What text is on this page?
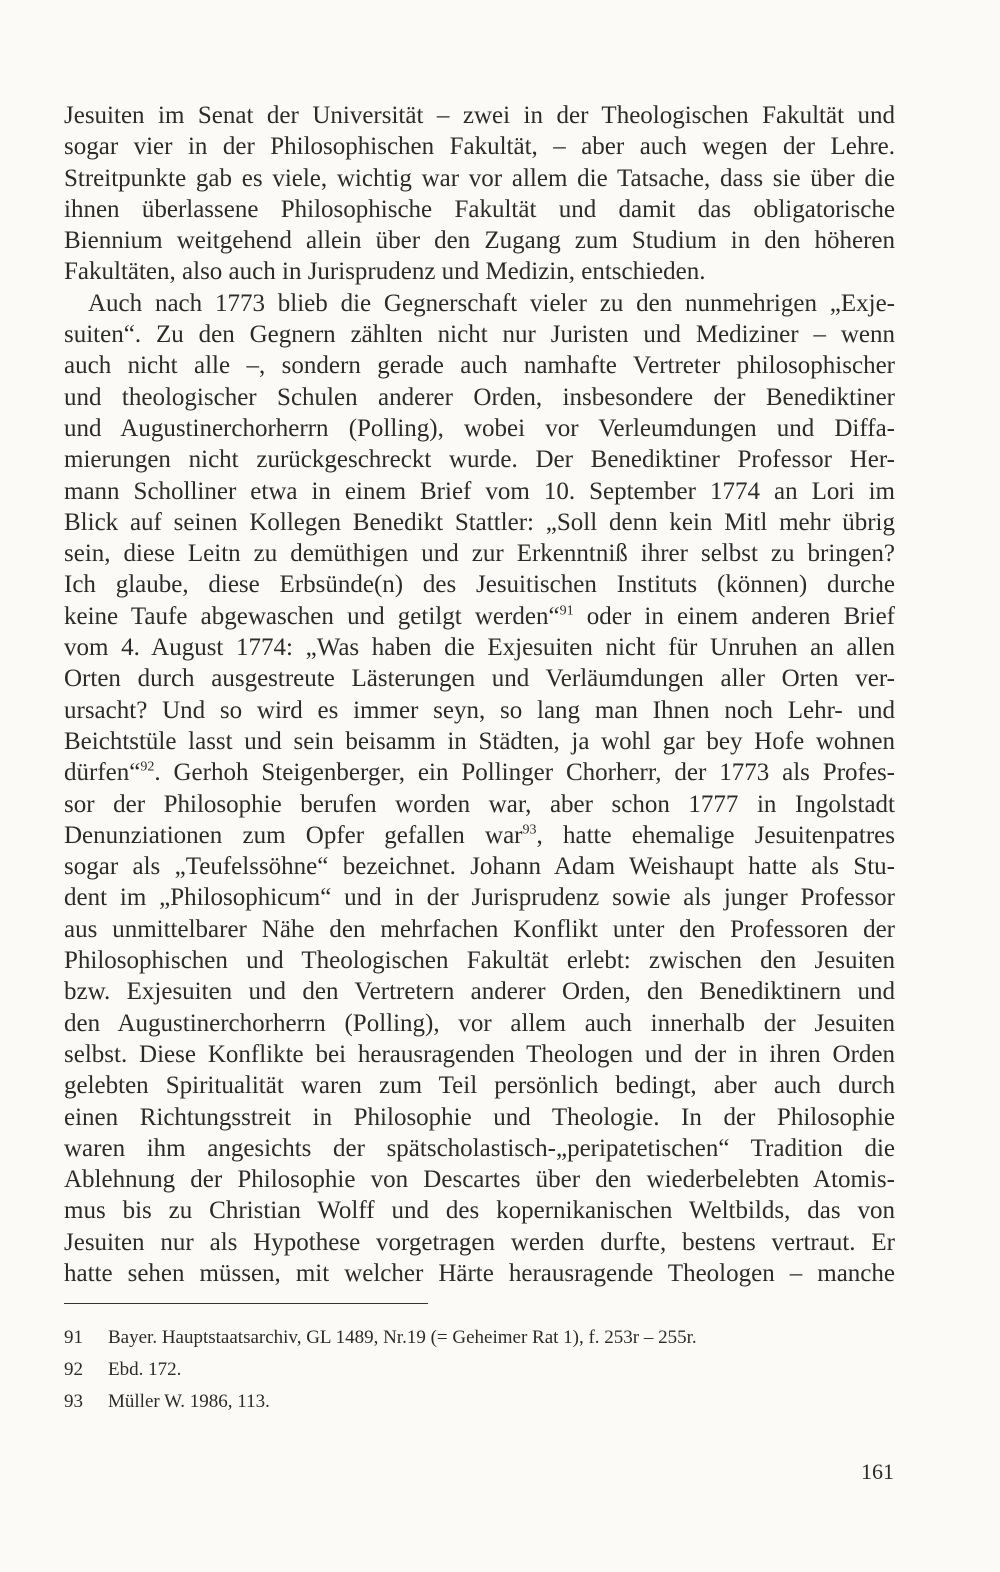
Jesuiten im Senat der Universität – zwei in der Theologischen Fakultät und
sogar vier in der Philosophischen Fakultät, – aber auch wegen der Lehre.
Streitpunkte gab es viele, wichtig war vor allem die Tatsache, dass sie über die
ihnen überlassene Philosophische Fakultät und damit das obligatorische
Biennium weitgehend allein über den Zugang zum Studium in den höheren
Fakultäten, also auch in Jurisprudenz und Medizin, entschieden.
Auch nach 1773 blieb die Gegnerschaft vieler zu den nunmehrigen „Exje-
suiten“. Zu den Gegnern zählten nicht nur Juristen und Mediziner – wenn
auch nicht alle –, sondern gerade auch namhafte Vertreter philosophischer
und theologischer Schulen anderer Orden, insbesondere der Benediktiner
und Augustinerchorherrn (Polling), wobei vor Verleumdungen und Diffa-
mierungen nicht zurückgeschreckt wurde. Der Benediktiner Professor Her-
mann Scholliner etwa in einem Brief vom 10. September 1774 an Lori im
Blick auf seinen Kollegen Benedikt Stattler: „Soll denn kein Mitl mehr übrig
sein, diese Leitn zu demüthigen und zur Erkenntniß ihrer selbst zu bringen?
Ich glaube, diese Erbsünde(n) des Jesuitischen Instituts (können) durche
keine Taufe abgewaschen und getilgt werden“$^{91}$ oder in einem anderen Brief
vom 4. August 1774: „Was haben die Exjesuiten nicht für Unruhen an allen
Orten durch ausgestreute Lästerungen und Verläumdungen aller Orten ver-
ursacht? Und so wird es immer seyn, so lang man Ihnen noch Lehr- und
Beichtstüle lasst und sein beisamm in Städten, ja wohl gar bey Hofe wohnen
dürfen“$^{92}$. Gerhoh Steigenberger, ein Pollinger Chorherr, der 1773 als Profes-
sor der Philosophie berufen worden war, aber schon 1777 in Ingolstadt
Denunziationen zum Opfer gefallen war$^{93}$, hatte ehemalige Jesuitenpatres
sogar als „Teufelssöhne“ bezeichnet. Johann Adam Weishaupt hatte als Stu-
dent im „Philosophicum“ und in der Jurisprudenz sowie als junger Professor
aus unmittelbarer Nähe den mehrfachen Konflikt unter den Professoren der
Philosophischen und Theologischen Fakultät erlebt: zwischen den Jesuiten
bzw. Exjesuiten und den Vertretern anderer Orden, den Benediktinern und
den Augustinerchorherrn (Polling), vor allem auch innerhalb der Jesuiten
selbst. Diese Konflikte bei herausragenden Theologen und der in ihren Orden
gelebten Spiritualität waren zum Teil persönlich bedingt, aber auch durch
einen Richtungsstreit in Philosophie und Theologie. In der Philosophie
waren ihm angesichts der spätscholastisch-„peripatetischen“ Tradition die
Ablehnung der Philosophie von Descartes über den wiederbelebten Atomis-
mus bis zu Christian Wolff und des kopernikanischen Weltbilds, das von
Jesuiten nur als Hypothese vorgetragen werden durfte, bestens vertraut. Er
hatte sehen müssen, mit welcher Härte herausragende Theologen – manche
91	Bayer. Hauptstaatsarchiv, GL 1489, Nr.19 (= Geheimer Rat 1), f. 253r – 255r.
92	Ebd. 172.
93	Müller W. 1986, 113.
161
